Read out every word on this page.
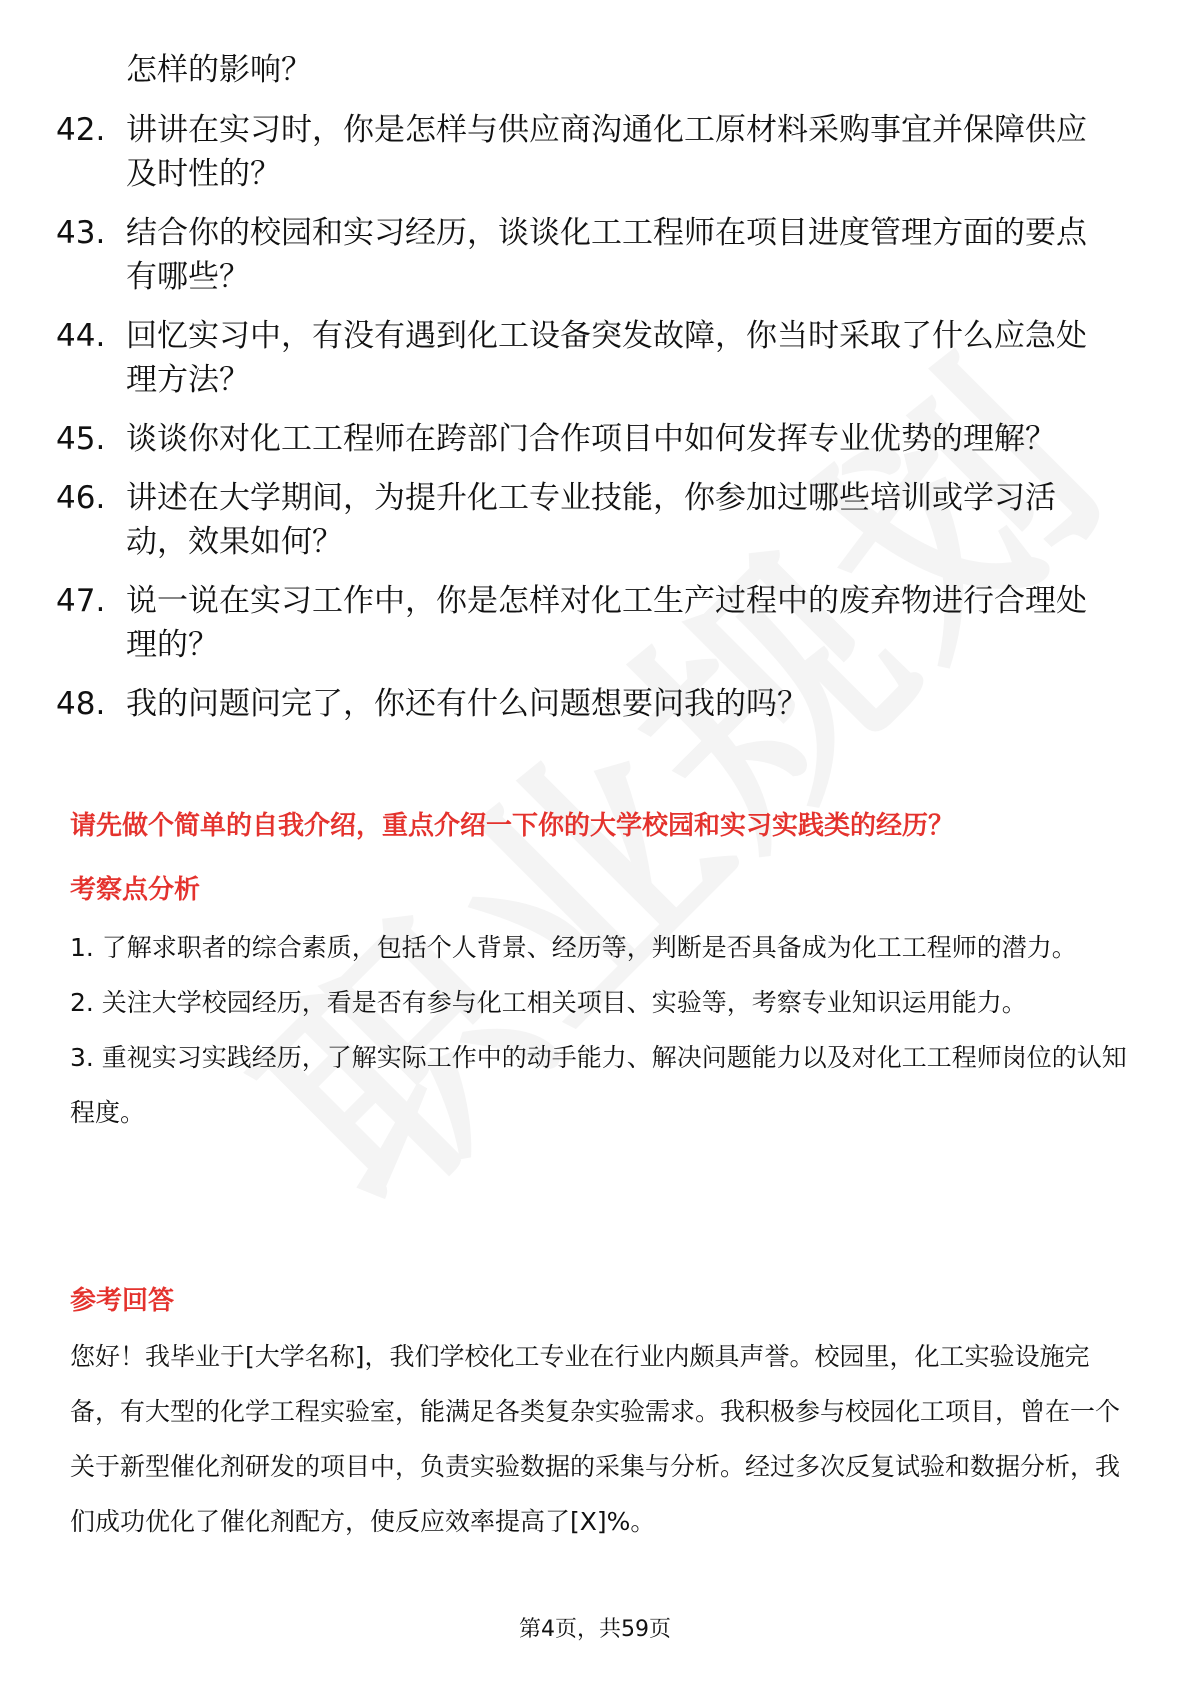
怎样的影响？
42. 讲讲在实习时，你是怎样与供应商沟通化工原材料采购事宜并保障供应及时性的？
43. 结合你的校园和实习经历，谈谈化工工程师在项目进度管理方面的要点有哪些？
44. 回忆实习中，有没有遇到化工设备突发故障，你当时采取了什么应急处理方法？
45. 谈谈你对化工工程师在跨部门合作项目中如何发挥专业优势的理解？
46. 讲述在大学期间，为提升化工专业技能，你参加过哪些培训或学习活动，效果如何？
47. 说一说在实习工作中，你是怎样对化工生产过程中的废弃物进行合理处理的？
48. 我的问题问完了，你还有什么问题想要问我的吗？
请先做个简单的自我介绍，重点介绍一下你的大学校园和实习实践类的经历？
考察点分析
1. 了解求职者的综合素质，包括个人背景、经历等，判断是否具备成为化工工程师的潜力。
2. 关注大学校园经历，看是否有参与化工相关项目、实验等，考察专业知识运用能力。
3. 重视实习实践经历，了解实际工作中的动手能力、解决问题能力以及对化工工程师岗位的认知程度。
参考回答
您好！我毕业于[大学名称]，我们学校化工专业在行业内颇具声誉。校园里，化工实验设施完备，有大型的化学工程实验室，能满足各类复杂实验需求。我积极参与校园化工项目，曾在一个关于新型催化剂研发的项目中，负责实验数据的采集与分析。经过多次反复试验和数据分析，我们成功优化了催化剂配方，使反应效率提高了[X]%。
第4页，共59页
